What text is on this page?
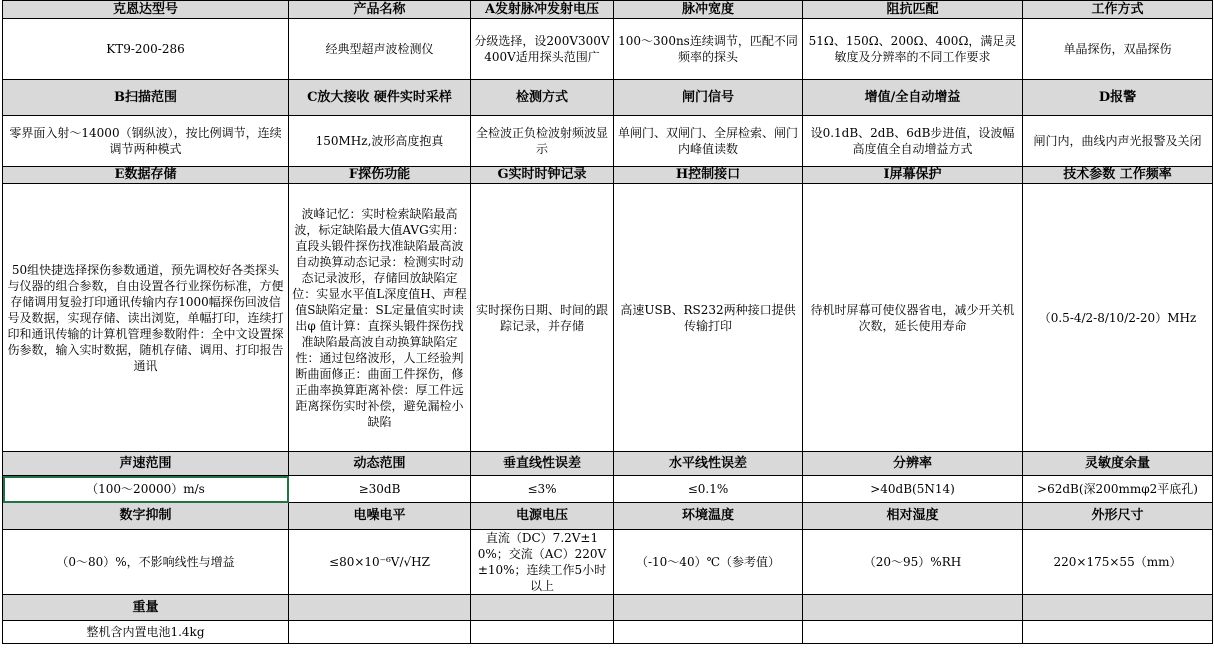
克恩达型号	产品名称	A发射脉冲发射电压	脉冲宽度	阻抗匹配	工作方式
KT9-200-286	经典型超声波检测仪	分级选择，设200V300V400V适用探头范围广	100～300ns连续调节，匹配不同频率的探头	51Ω、150Ω、200Ω、400Ω，满足灵敏度及分辨率的不同工作要求	单晶探伤，双晶探伤
B扫描范围	C放大接收 硬件实时采样	检测方式	闸门信号	增值/全自动增益	D报警
零界面入射～14000（钢纵波），按比例调节，连续调节两种模式	150MHz,波形高度抱真	全检波正负检波射频波显示	单闸门、双闸门、全屏检索、闸门内峰值读数	设0.1dB、2dB、6dB步进值，设波幅高度值全自动增益方式	闸门内，曲线内声光报警及关闭
E数据存储	F探伤功能	G实时时钟记录	H控制接口	I屏幕保护	技术参数 工作频率
50组快捷选择探伤参数通道，预先调校好各类探头与仪器的组合参数，自由设置各行业探伤标准，方便存储调用复验打印通讯传输内存1000幅探伤回波信号及数据，实现存储、读出浏览，单幅打印，连续打印和通讯传输的计算机管理参数附件：全中文设置探伤参数，输入实时数据，随机存储、调用、打印报告通讯	波峰记忆：实时检索缺陷最高波，标定缺陷最大值AVG实用：直段头锻件探伤找准缺陷最高波自动换算动态记录：检测实时动态记录波形，存储回放缺陷定位：实显水平值L深度值H、声程值S缺陷定量：SL定量值实时读出φ 值计算：直探头锻件探伤找准缺陷最高波自动换算缺陷定性：通过包络波形，人工经验判断曲面修正：曲面工件探伤，修正曲率换算距离补偿：厚工件远距离探伤实时补偿，避免漏检小缺陷	实时探伤日期、时间的跟踪记录，并存储	高速USB、RS232两种接口提供传输打印	待机时屏幕可使仪器省电，减少开关机次数，延长使用寿命	（0.5-4/2-8/10/2-20）MHz
声速范围	动态范围	垂直线性误差	水平线性误差	分辨率	灵敏度余量
（100～20000）m/s	≥30dB	≤3%	≤0.1%	>40dB(5N14)	>62dB(深200mmφ2平底孔)
数字抑制	电噪电平	电源电压	环境温度	相对湿度	外形尺寸
（0～80）%，不影响线性与增益	≤80×10⁻⁶V/√HZ	直流（DC）7.2V±10%；交流（AC）220V±10%；连续工作5小时以上	（-10～40）℃（参考值）	（20～95）%RH	220×175×55（mm）
重量					
整机含内置电池1.4kg					
